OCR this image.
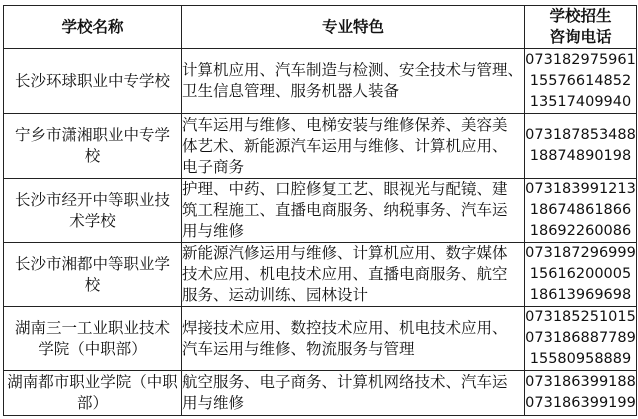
学校名称	专业特色	学校招生
咨询电话

长沙环球职业中专学校	计算机应用、汽车制造与检测、安全技术与管理、
卫生信息管理、服务机器人装备	073182975961
15576614852
13517409940

宁乡市潇湘职业中专学
校	汽车运用与维修、电梯安装与维修保养、美容美
体艺术、新能源汽车运用与维修、计算机应用、
电子商务	073187853488
18874890198

长沙市经开中等职业技
术学校	护理、中药、口腔修复工艺、眼视光与配镜、建
筑工程施工、直播电商服务、纳税事务、汽车运
用与维修	073183991213
18674861866
18692260086

长沙市湘都中等职业学
校	新能源汽修运用与维修、计算机应用、数字媒体
技术应用、机电技术应用、直播电商服务、航空
服务、运动训练、园林设计	073187296999
15616200005
18613969698

湖南三一工业职业技术
学院（中职部）	焊接技术应用、数控技术应用、机电技术应用、
汽车运用与维修、物流服务与管理	073185251015
073186887789
15580958889

湖南都市职业学院（中职
部）	航空服务、电子商务、计算机网络技术、汽车运
用与维修	073186399188
073186399199
